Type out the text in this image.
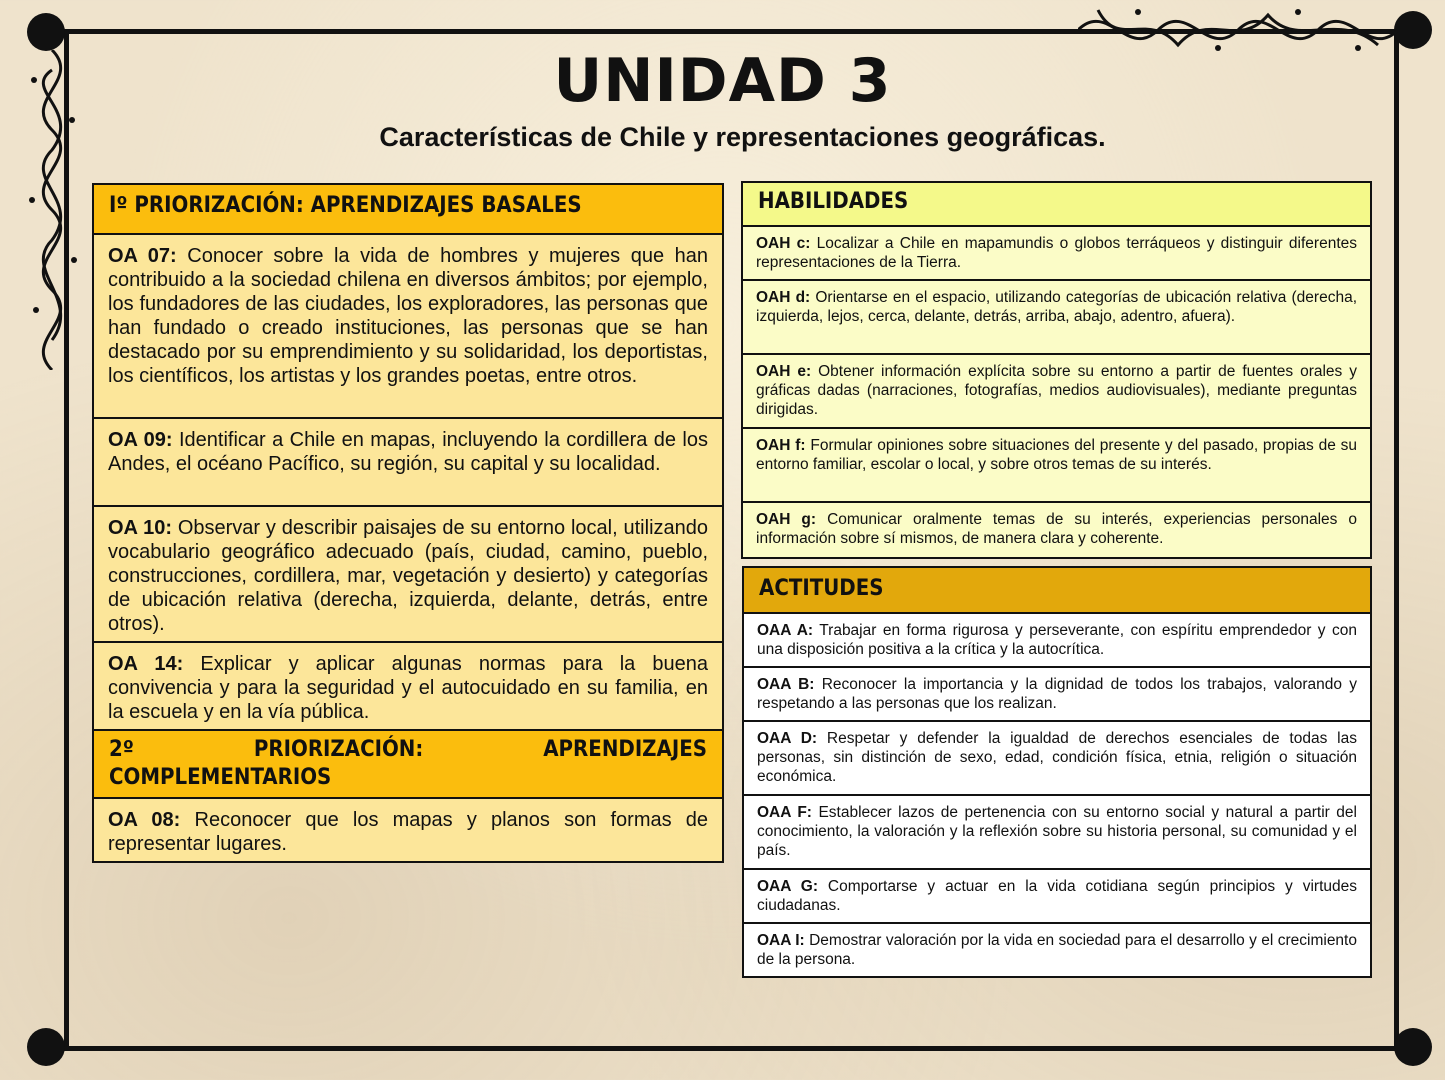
UNIDAD 3
Características de Chile y representaciones geográficas.
Iº PRIORIZACIÓN: APRENDIZAJES BASALES

OA 07: Conocer sobre la vida de hombres y mujeres que han contribuido a la sociedad chilena en diversos ámbitos; por ejemplo, los fundadores de las ciudades, los exploradores, las personas que han fundado o creado instituciones, las personas que se han destacado por su emprendimiento y su solidaridad, los deportistas, los científicos, los artistas y los grandes poetas, entre otros.
OA 09: Identificar a Chile en mapas, incluyendo la cordillera de los Andes, el océano Pacífico, su región, su capital y su localidad.
OA 10: Observar y describir paisajes de su entorno local, utilizando vocabulario geográfico adecuado (país, ciudad, camino, pueblo, construcciones, cordillera, mar, vegetación y desierto) y categorías de ubicación relativa (derecha, izquierda, delante, detrás, entre otros).
OA 14: Explicar y aplicar algunas normas para la buena convivencia y para la seguridad y el autocuidado en su familia, en la escuela y en la vía pública.

2º	PRIORIZACIÓN:	APRENDIZAJES
COMPLEMENTARIOS

OA 08: Reconocer que los mapas y planos son formas de representar lugares.
HABILIDADES

OAH c: Localizar a Chile en mapamundis o globos terráqueos y distinguir diferentes representaciones de la Tierra.
OAH d: Orientarse en el espacio, utilizando categorías de ubicación relativa (derecha, izquierda, lejos, cerca, delante, detrás, arriba, abajo, adentro, afuera).
OAH e: Obtener información explícita sobre su entorno a partir de fuentes orales y gráficas dadas (narraciones, fotografías, medios audiovisuales), mediante preguntas dirigidas.
OAH f: Formular opiniones sobre situaciones del presente y del pasado, propias de su entorno familiar, escolar o local, y sobre otros temas de su interés.
OAH g: Comunicar oralmente temas de su interés, experiencias personales o información sobre sí mismos, de manera clara y coherente.
ACTITUDES

OAA A: Trabajar en forma rigurosa y perseverante, con espíritu emprendedor y con una disposición positiva a la crítica y la autocrítica.
OAA B: Reconocer la importancia y la dignidad de todos los trabajos, valorando y respetando a las personas que los realizan.
OAA D: Respetar y defender la igualdad de derechos esenciales de todas las personas, sin distinción de sexo, edad, condición física, etnia, religión o situación económica.
OAA F: Establecer lazos de pertenencia con su entorno social y natural a partir del conocimiento, la valoración y la reflexión sobre su historia personal, su comunidad y el país.
OAA G: Comportarse y actuar en la vida cotidiana según principios y virtudes ciudadanas.
OAA I: Demostrar valoración por la vida en sociedad para el desarrollo y el crecimiento de la persona.
